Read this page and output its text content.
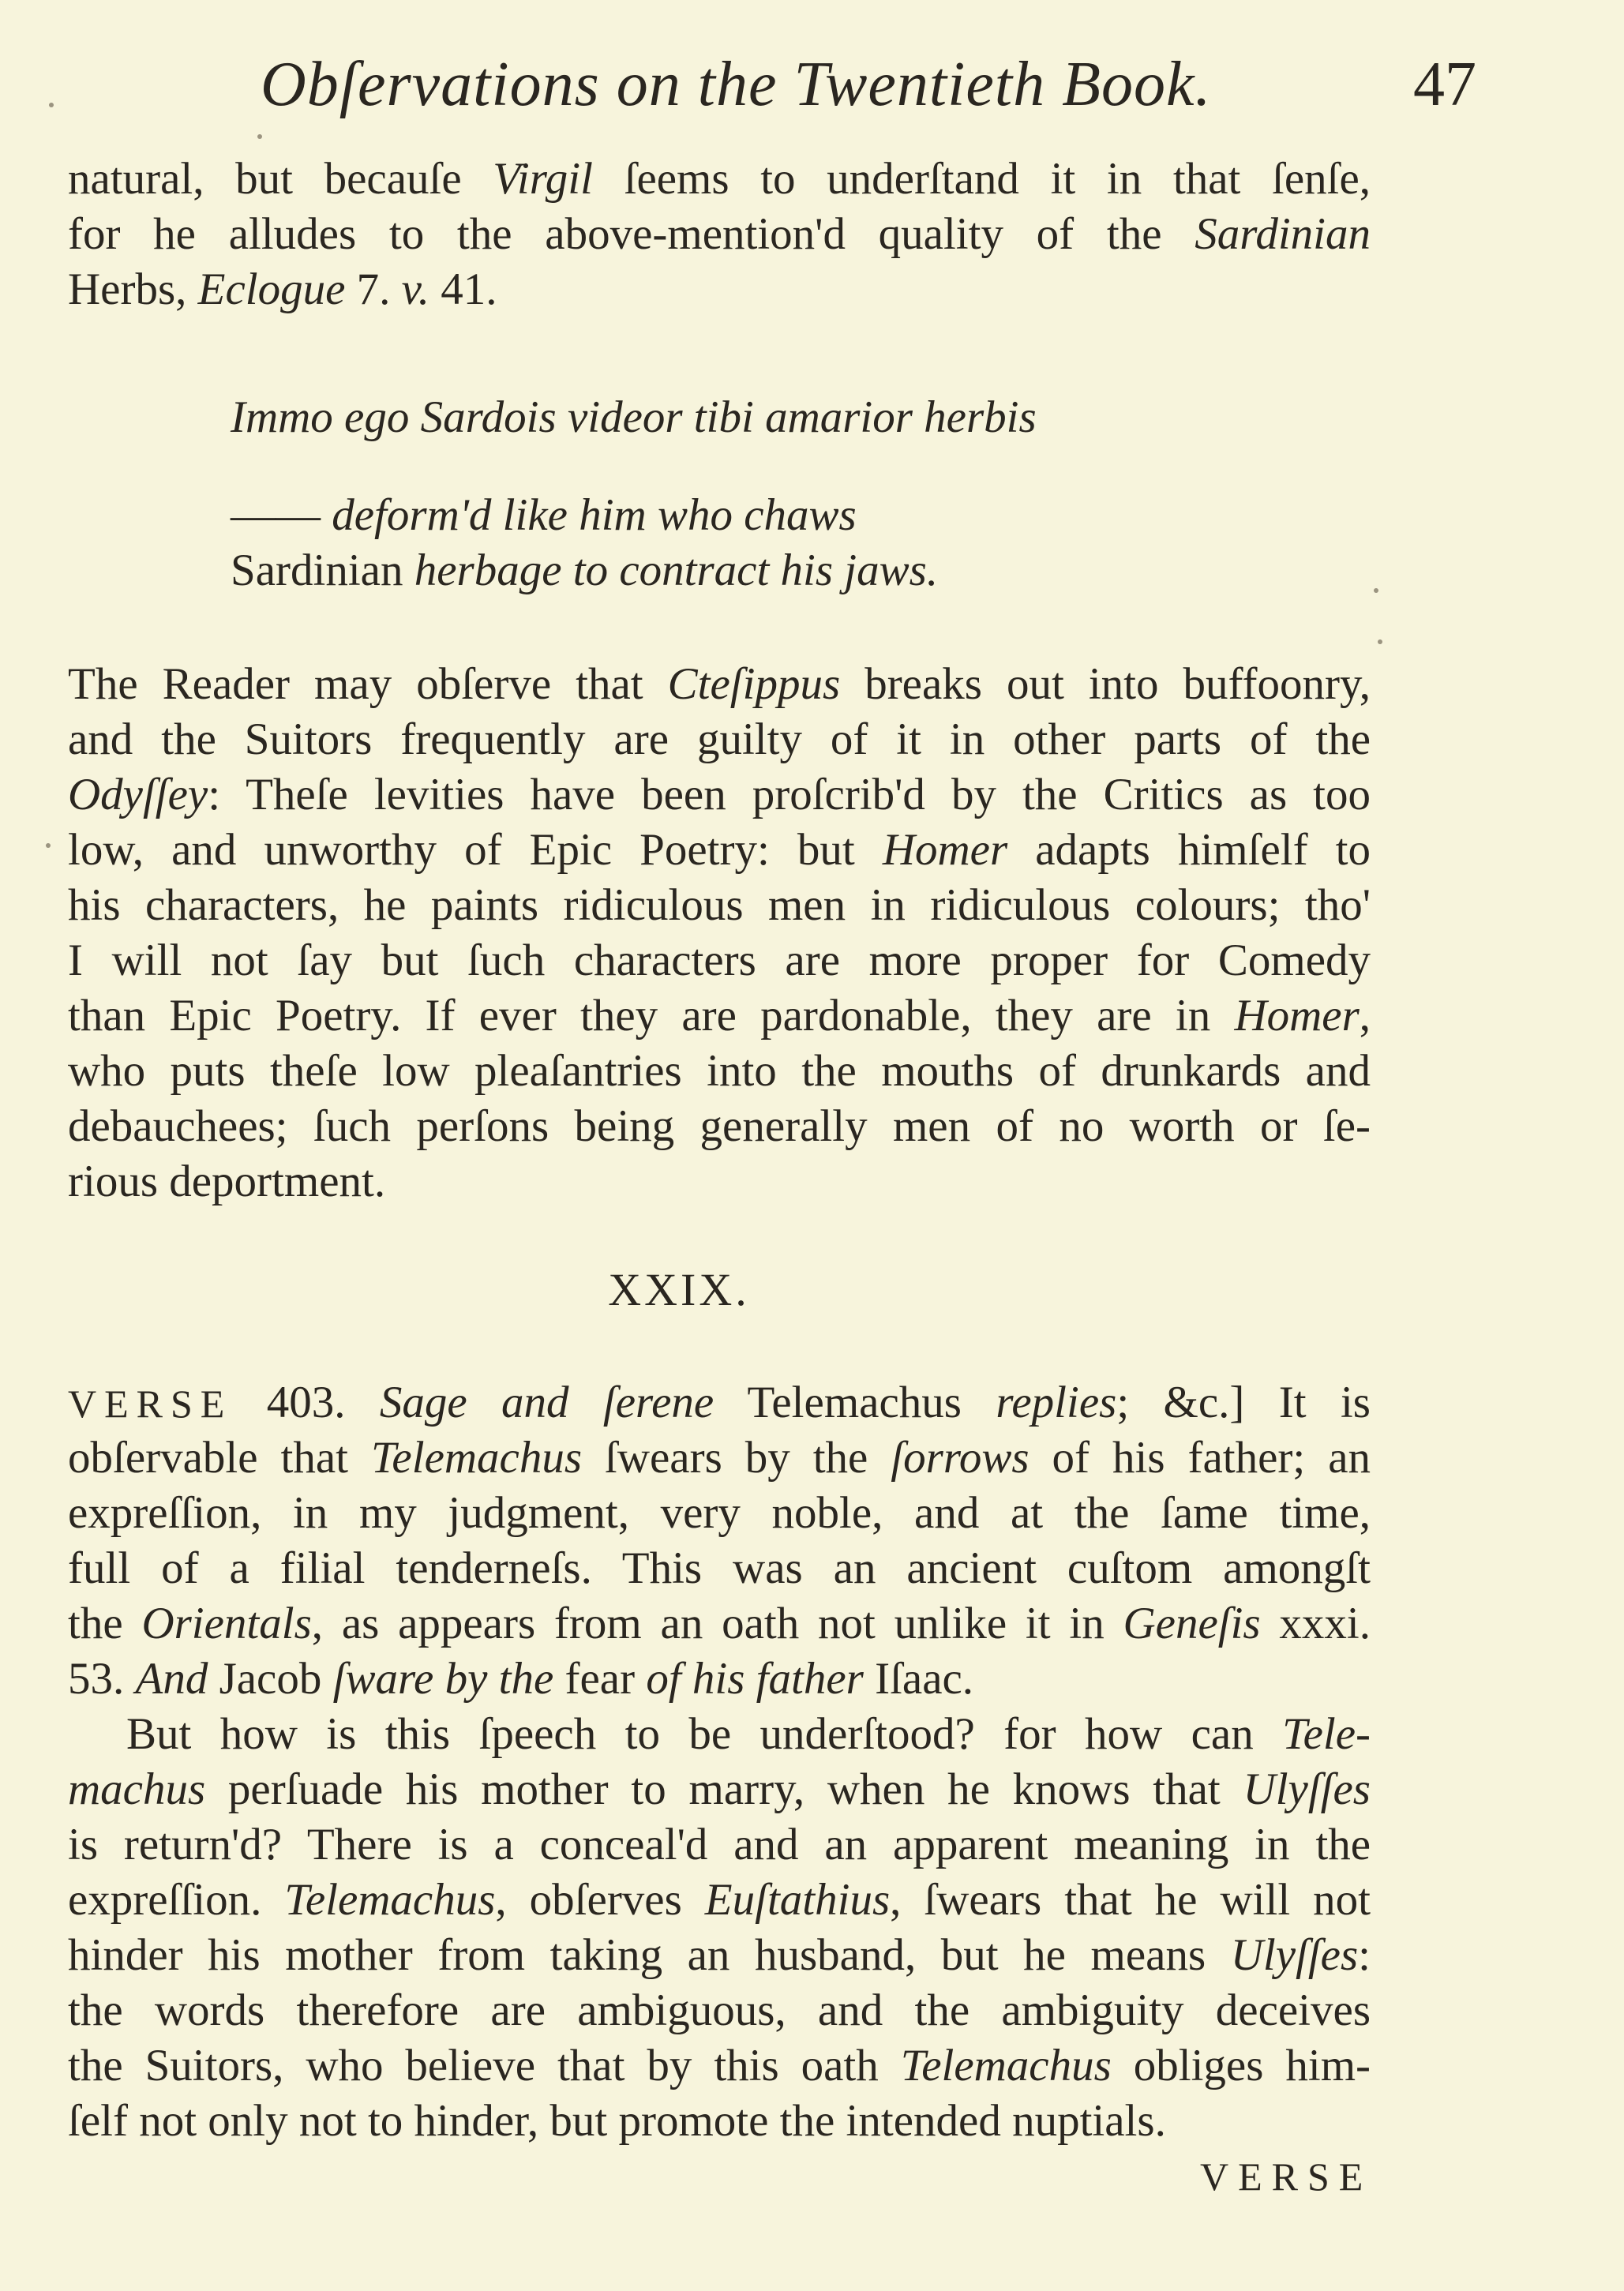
Obſervations on the Twentieth Book.	47
natural, but becauſe Virgil ſeems to underſtand it in that ſenſe,
for he alludes to the above-mention'd quality of the Sardinian
Herbs, Eclogue 7. v. 41.
Immo ego Sardois videor tibi amarior herbis
—— deform'd like him who chaws
Sardinian herbage to contract his jaws.
The Reader may obſerve that Cteſippus breaks out into buffoonry,
and the Suitors frequently are guilty of it in other parts of the
Odyſſey: Theſe levities have been proſcrib'd by the Critics as too
low, and unworthy of Epic Poetry: but Homer adapts himſelf to
his characters, he paints ridiculous men in ridiculous colours; tho'
I will not ſay but ſuch characters are more proper for Comedy
than Epic Poetry. If ever they are pardonable, they are in Homer,
who puts theſe low pleaſantries into the mouths of drunkards and
debauchees; ſuch perſons being generally men of no worth or ſe-
rious deportment.
XXIX.
VERSE 403. Sage and ſerene Telemachus replies; &c.] It is
obſervable that Telemachus ſwears by the ſorrows of his father; an
expreſſion, in my judgment, very noble, and at the ſame time,
full of a filial tenderneſs. This was an ancient cuſtom amongſt
the Orientals, as appears from an oath not unlike it in Geneſis xxxi.
53. And Jacob ſware by the fear of his father Iſaac.
But how is this ſpeech to be underſtood? for how can Tele-
machus perſuade his mother to marry, when he knows that Ulyſſes
is return'd? There is a conceal'd and an apparent meaning in the
expreſſion. Telemachus, obſerves Euſtathius, ſwears that he will not
hinder his mother from taking an husband, but he means Ulyſſes:
the words therefore are ambiguous, and the ambiguity deceives
the Suitors, who believe that by this oath Telemachus obliges him-
ſelf not only not to hinder, but promote the intended nuptials.
VERSE
